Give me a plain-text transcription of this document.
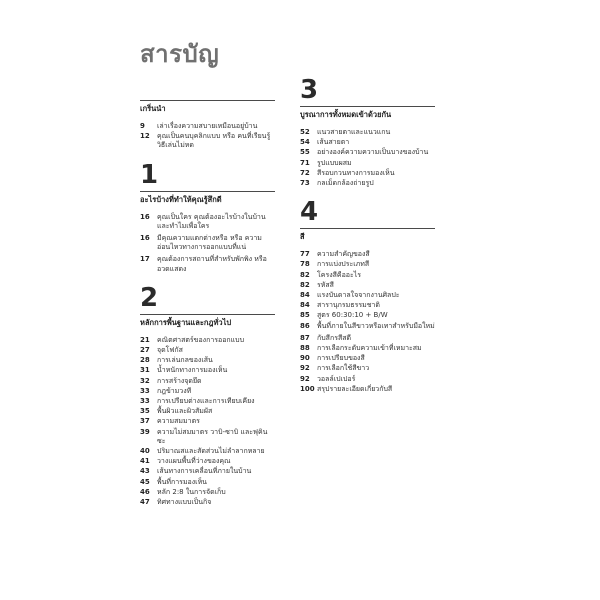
สารบัญ
เกริ่นนำ
9	เล่าเรื่องความสบายเหมือนอยู่บ้าน
12	คุณเป็นคนบุคลิกแบบ หรือ คนที่เรียนรู้วิธีเล่นไม่หด
1
อะไรบ้างที่ทำให้คุณรู้สึกดี
16	คุณเป็นใคร คุณต้องอะไรบ้างในบ้าน และทำไมเพื่อใคร
16	มีคุณความแตกต่างหรือ หรือ ความอ่อนไหวทางการออกแบบที่แน่
17	คุณต้องการสถานที่สำหรับพักพิง หรือ อวดแสดง
2
หลักการพื้นฐานและกฎทั่วไป
21	คณิตศาสตร์ของการออกแบบ
27	จุดโฟกัส
28	การเล่นกลของเส้น
31	น้ำหนักทางการมองเห็น
32	การสร้างจุดยึด
33	กฎข้ามวงที
33	การเปรียบต่างและการเทียบเคียง
35	พื้นผิวและผิวสัมผัส
37	ความสมมาตร
39	ความไม่สมมาตร วาบิ-ซาบิ และฟุคินซะ
40	ปริมาณสและสัดส่วนไม่ลำลากหลาย
41	วางแผนพื้นที่ว่างของคุณ
43	เส้นทางการเคลื่อนที่ภายในบ้าน
45	พื้นที่การมองเห็น
46	หลัก 2:8 ในการจัดเก็บ
47	ทิศทางแบบเป็นกิจ
3
บูรณาการทั้งหมดเข้าด้วยกัน
52	แนวสายตาและแนวแกน
54	เส้นสายตา
55	อย่างองค์ความความเป็นบางของบ้าน
71	รูปแบบผสม
72	สีรอบกวนทางการมองเห็น
73	กลเม็ดกล้องถ่ายรูป
4
สี
77	ความสำคัญของสี
78	การแบ่งประเภทสี
82	โครงสีคืออะไร
82	รหัสสี
84	แรงบันดาลใจจากงานศิลปะ
84	สารานุกรมธรรมชาติ
85	สูตร 60:30:10 + B/W
86	พื้นที่ภายในสีขาวหรือเทาสำหรับมือใหม่
87	กับสีกรสีสดี
88	การเลือกระดับความเข้าที่เหมาะสม
90	การเปรียบของสี
92	การเลือกใช้สีขาว
92	วอลล์เปเปอร์
100 สรุปรายละเอียดเกี่ยวกับสี
